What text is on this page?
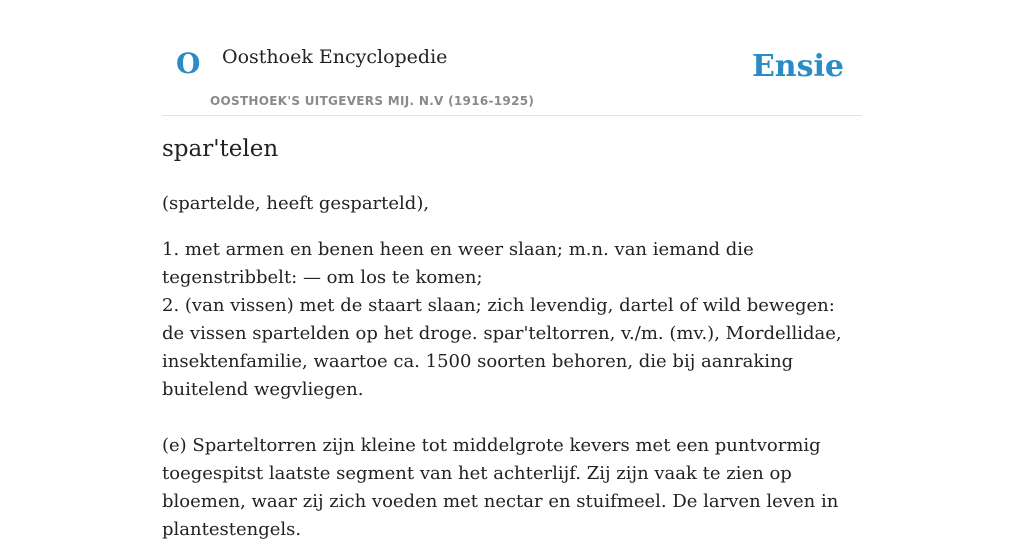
O Oosthoek Encyclopedie
OOSTHOEK'S UITGEVERS MIJ. N.V (1916-1925)
Ensie
spar'telen

(spartelde, heeft gesparteld),

1. met armen en benen heen en weer slaan; m.n. van iemand die tegenstribbelt: — om los te komen;

2. (van vissen) met de staart slaan; zich levendig, dartel of wild bewegen: de vissen spartelden op het droge. spar'teltorren, v./m. (mv.), Mordellidae, insektenfamilie, waartoe ca. 1500 soorten behoren, die bij aanraking buitelend wegvliegen.

(e) Sparteltorren zijn kleine tot middelgrote kevers met een puntvormig toegespitst laatste segment van het achterlijf. Zij zijn vaak te zien op bloemen, waar zij zich voeden met nectar en stuifmeel. De larven leven in plantestengels.
